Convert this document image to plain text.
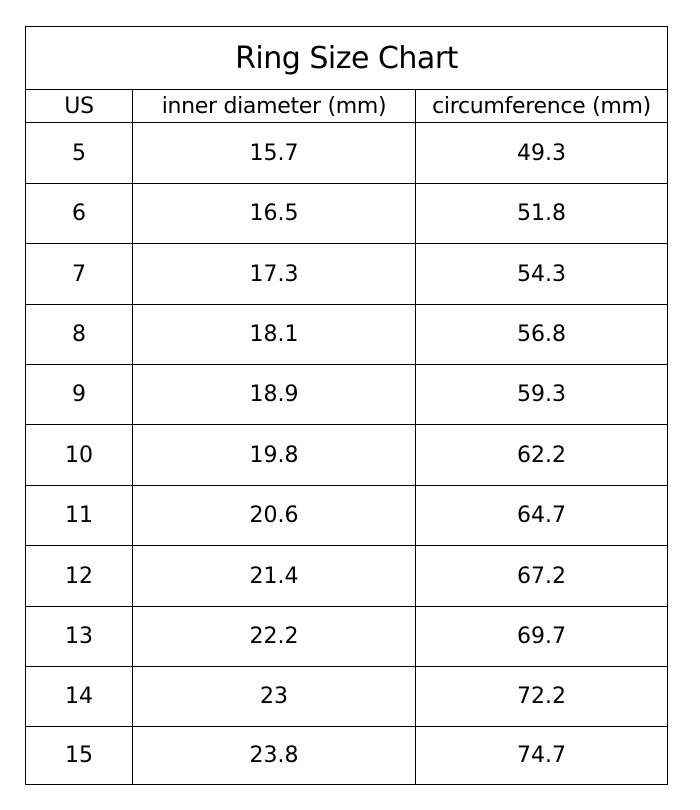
Ring Size Chart
US	inner diameter (mm)	circumference (mm)
5	15.7	49.3
6	16.5	51.8
7	17.3	54.3
8	18.1	56.8
9	18.9	59.3
10	19.8	62.2
11	20.6	64.7
12	21.4	67.2
13	22.2	69.7
14	23	72.2
15	23.8	74.7
